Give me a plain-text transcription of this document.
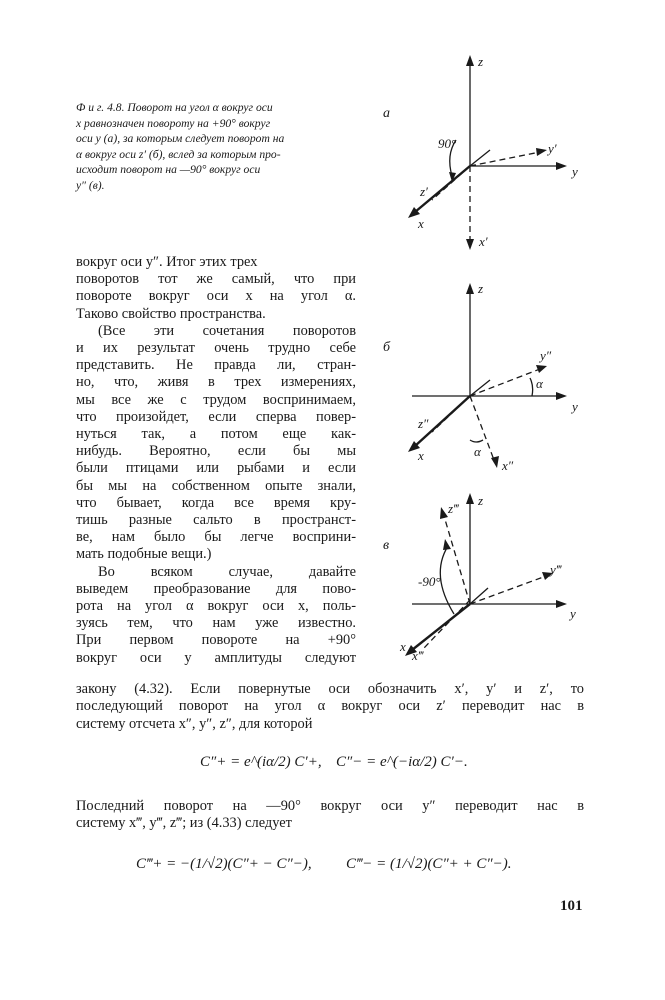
Ф и г. 4.8. Поворот на угол α вокруг оси

x равнозначен повороту на +90° вокруг

оси y (а), за которым следует поворот на

α вокруг оси z′ (б), вслед за которым про-

исходит поворот на —90° вокруг оси

y″ (в).

вокруг оси y″. Итог этих трех

поворотов тот же самый, что при

повороте вокруг оси x на угол α.

Таково свойство пространства.

(Все эти сочетания поворотов

и их результат очень трудно себе

представить. Не правда ли, стран-

но, что, живя в трех измерениях,

мы все же с трудом воспринимаем,

что произойдет, если сперва повер-

нуться так, а потом еще как-

нибудь. Вероятно, если бы мы

были птицами или рыбами и если

бы мы на собственном опыте знали,

что бывает, когда все время кру-

тишь разные сальто в пространст-

ве, нам было бы легче восприни-

мать подобные вещи.)

Во всяком случае, давайте

выведем преобразование для пово-

рота на угол α вокруг оси x, поль-

зуясь тем, что нам уже известно.

При первом повороте на +90°

вокруг оси y амплитуды следуют

закону (4.32). Если повернутые оси обозначить x′, y′ и z′, то

последующий поворот на угол α вокруг оси z′ переводит нас в

систему отсчета x″, y″, z″, для которой

C″+ = e^(iα/2) C′+, C″− = e^(−iα/2) C′−.

Последний поворот на —90° вокруг оси y″ переводит нас в

систему x‴, y‴, z‴; из (4.33) следует

C‴+ = −(1/√2)(C″+ − C″−), C‴− = (1/√2)(C″+ + C″−).
101
а
б
в
z
y
y′
x
z′
x′
90°
z
y
y″
α
x
z″
x″
α
z
y
z‴
y‴
x
x‴
-90°
